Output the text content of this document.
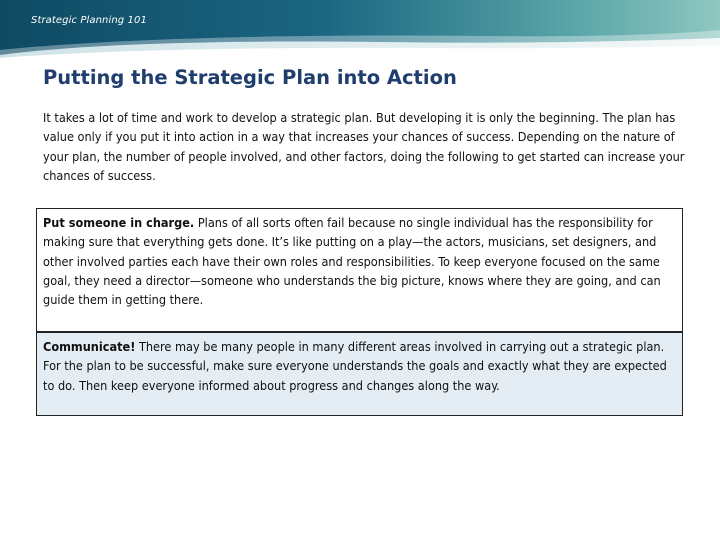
Strategic Planning 101
Putting the Strategic Plan into Action

It takes a lot of time and work to develop a strategic plan. But developing it is only the beginning. The plan has value only if you put it into action in a way that increases your chances of success. Depending on the nature of your plan, the number of people involved, and other factors, doing the following to get started can increase your chances of success.

Put someone in charge. Plans of all sorts often fail because no single individual has the responsibility for making sure that everything gets done. It’s like putting on a play—the actors, musicians, set designers, and other involved parties each have their own roles and responsibilities. To keep everyone focused on the same goal, they need a director—someone who understands the big picture, knows where they are going, and can guide them in getting there.
Communicate! There may be many people in many different areas involved in carrying out a strategic plan. For the plan to be successful, make sure everyone understands the goals and exactly what they are expected to do. Then keep everyone informed about progress and changes along the way.
